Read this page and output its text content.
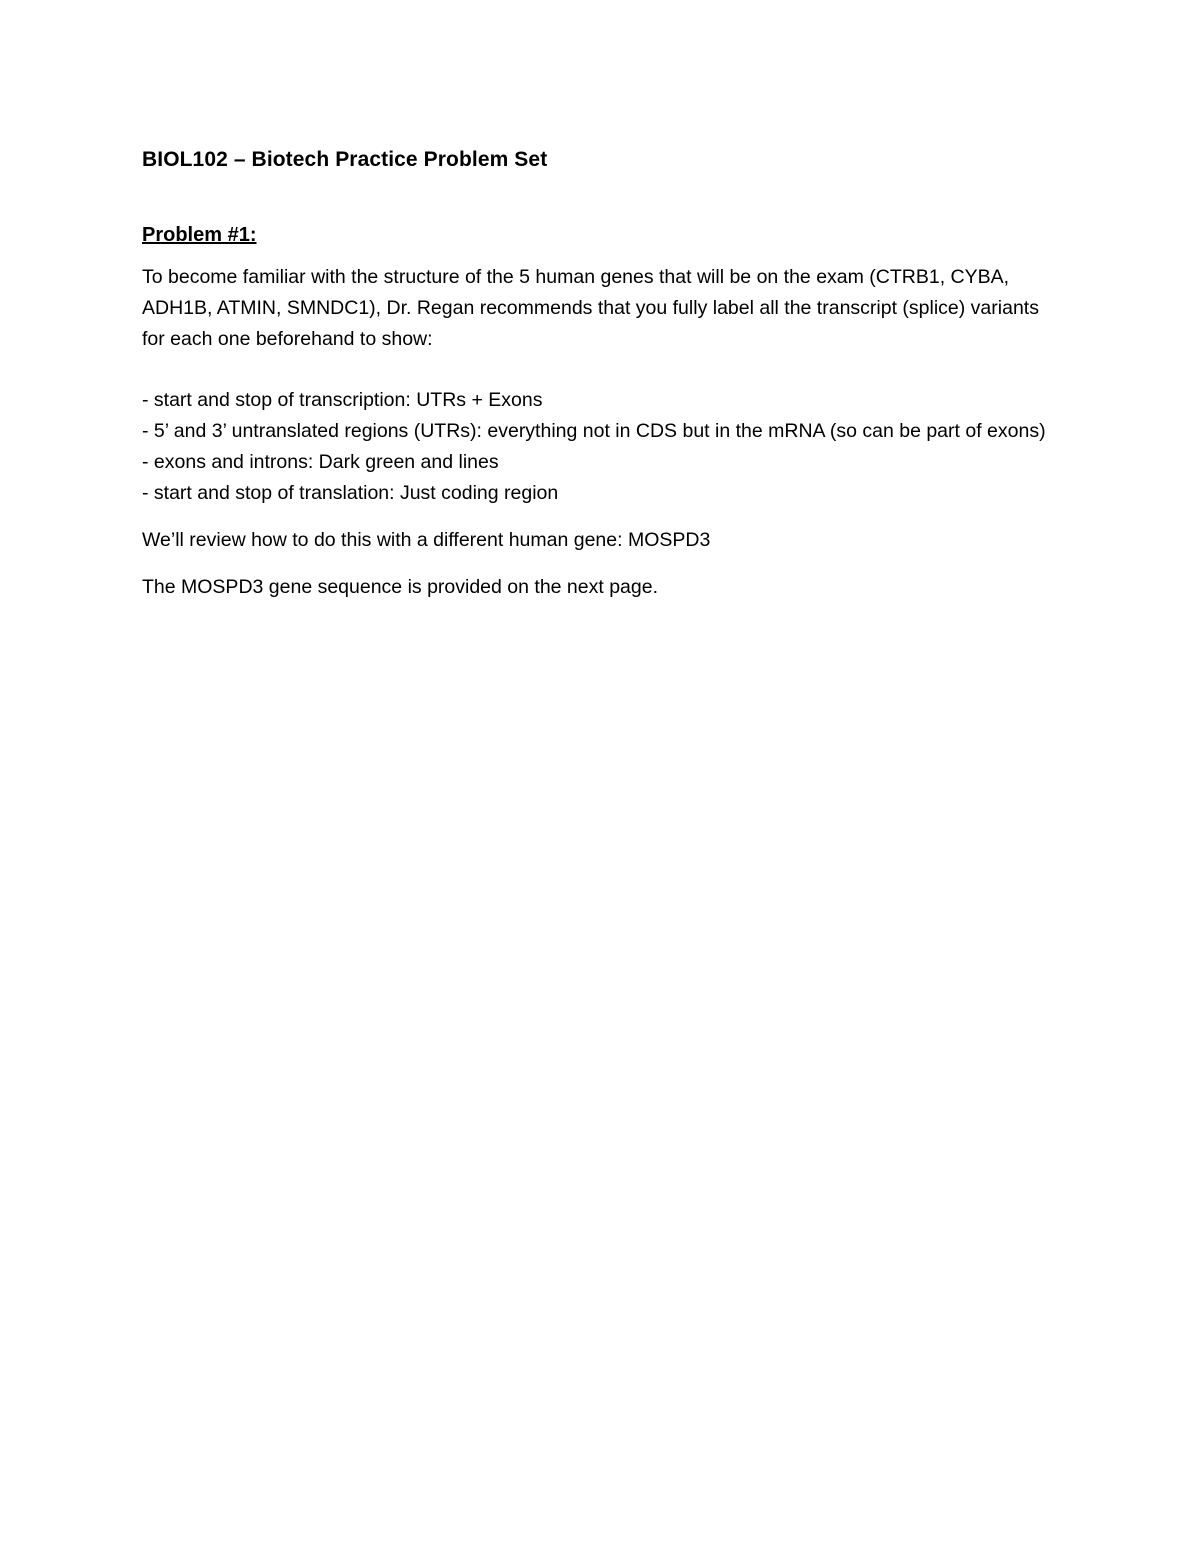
BIOL102 – Biotech Practice Problem Set
Problem #1:

To become familiar with the structure of the 5 human genes that will be on the exam (CTRB1, CYBA, ADH1B, ATMIN, SMNDC1), Dr. Regan recommends that you fully label all the transcript (splice) variants for each one beforehand to show:

- start and stop of transcription: UTRs + Exons
- 5’ and 3’ untranslated regions (UTRs): everything not in CDS but in the mRNA (so can be part of exons)
- exons and introns: Dark green and lines
- start and stop of translation: Just coding region

We’ll review how to do this with a different human gene: MOSPD3

The MOSPD3 gene sequence is provided on the next page.
